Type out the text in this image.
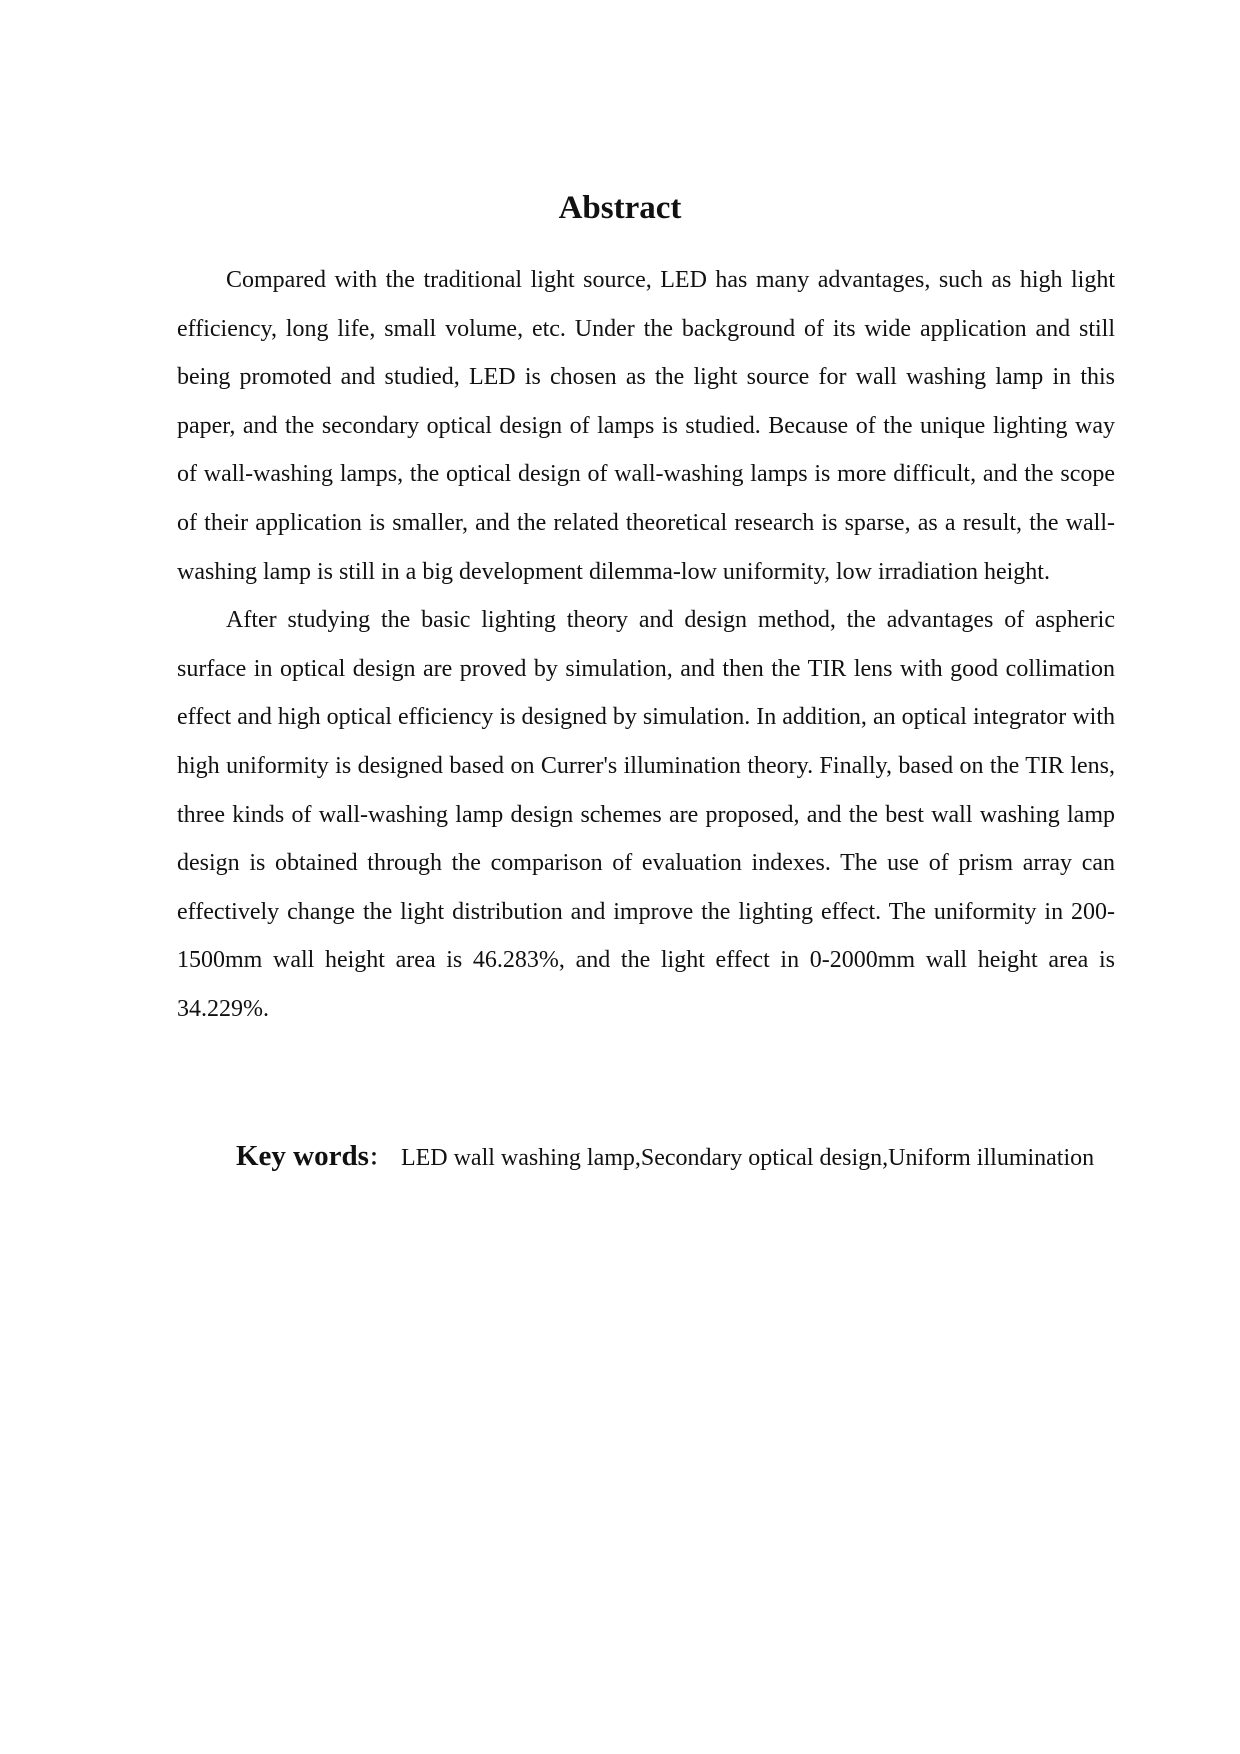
Abstract

Compared with the traditional light source, LED has many advantages, such as high light efficiency, long life, small volume, etc. Under the background of its wide application and still being promoted and studied, LED is chosen as the light source for wall washing lamp in this paper, and the secondary optical design of lamps is studied. Because of the unique lighting way of wall-washing lamps, the optical design of wall-washing lamps is more difficult, and the scope of their application is smaller, and the related theoretical research is sparse, as a result, the wall-washing lamp is still in a big development dilemma-low uniformity, low irradiation height.

After studying the basic lighting theory and design method, the advantages of aspheric surface in optical design are proved by simulation, and then the TIR lens with good collimation effect and high optical efficiency is designed by simulation. In addition, an optical integrator with high uniformity is designed based on Currer's illumination theory. Finally, based on the TIR lens, three kinds of wall-washing lamp design schemes are proposed, and the best wall washing lamp design is obtained through the comparison of evaluation indexes. The use of prism array can effectively change the light distribution and improve the lighting effect. The uniformity in 200-1500mm wall height area is 46.283%, and the light effect in 0-2000mm wall height area is 34.229%.

Key words： LED wall washing lamp,Secondary optical design,Uniform illumination
